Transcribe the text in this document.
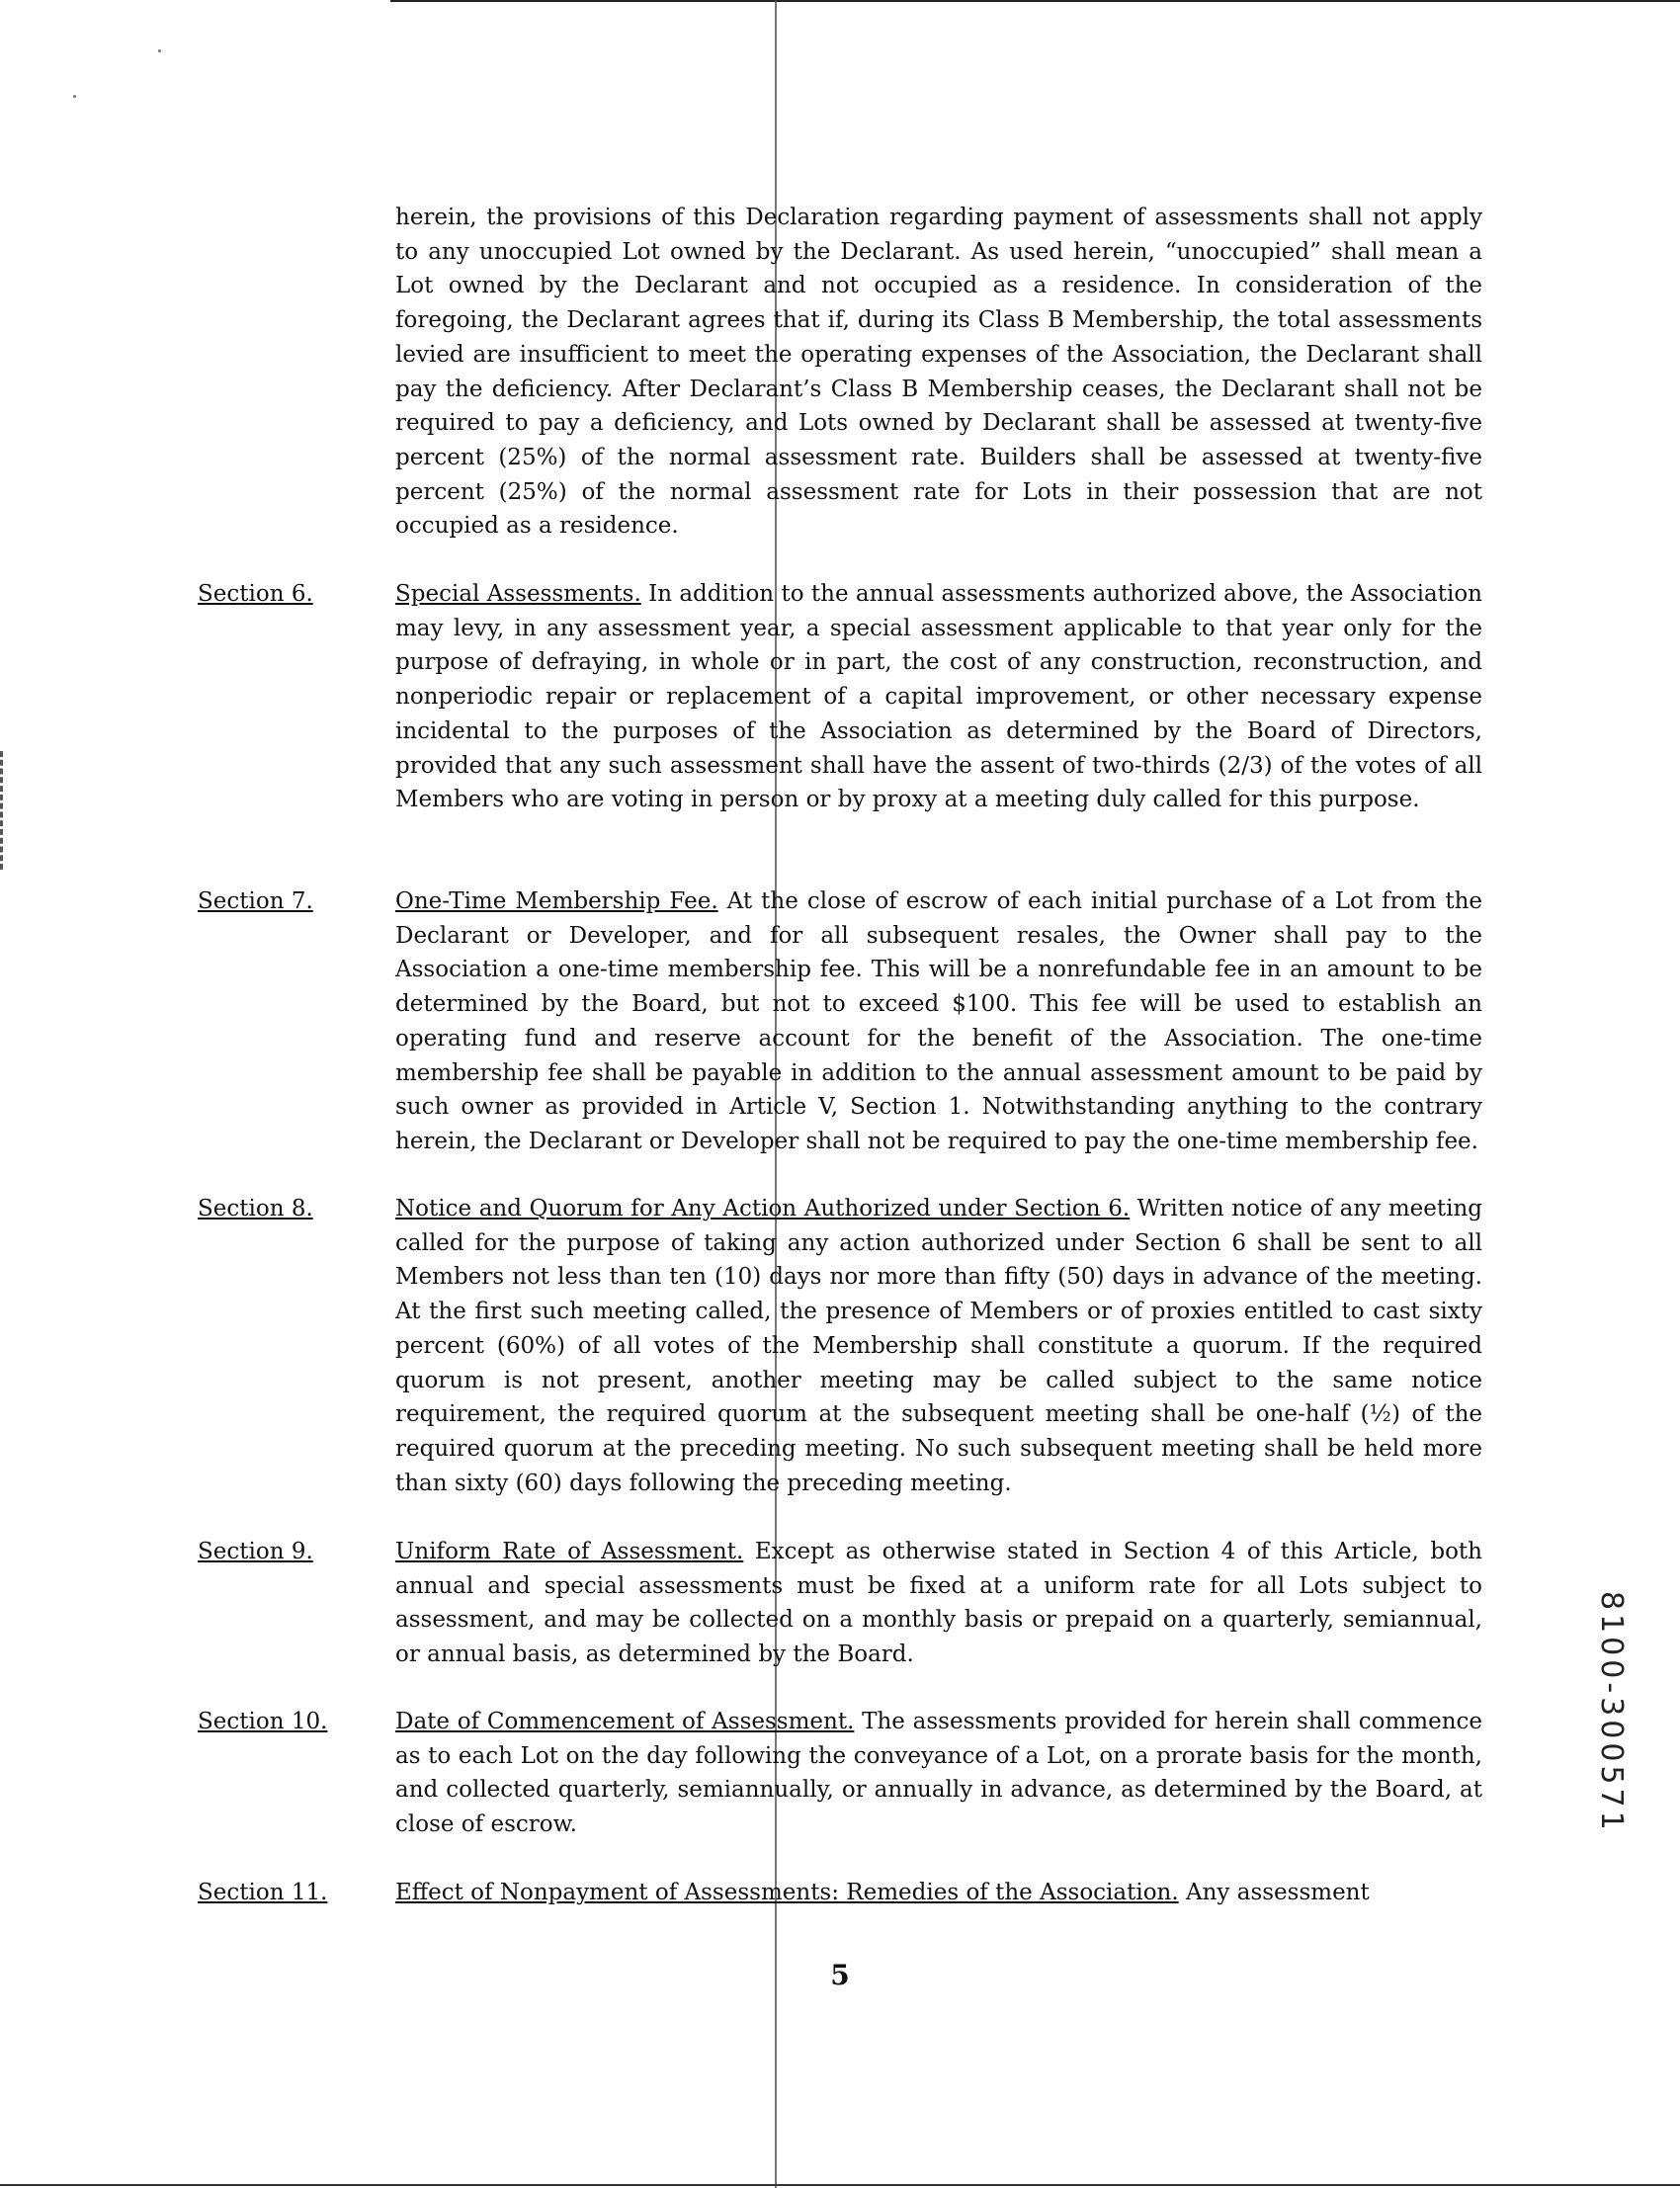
herein, the provisions of this Declaration regarding payment of assessments shall not apply to any unoccupied Lot owned by the Declarant. As used herein, “unoccupied” shall mean a Lot owned by the Declarant and not occupied as a residence. In consideration of the foregoing, the Declarant agrees that if, during its Class B Membership, the total assessments levied are insufficient to meet the operating expenses of the Association, the Declarant shall pay the deficiency. After Declarant’s Class B Membership ceases, the Declarant shall not be required to pay a deficiency, and Lots owned by Declarant shall be assessed at twenty-five percent (25%) of the normal assessment rate. Builders shall be assessed at twenty-five percent (25%) of the normal assessment rate for Lots in their possession that are not occupied as a residence.
Section 6.	Special Assessments. In addition to the annual assessments authorized above, the Association may levy, in any assessment year, a special assessment applicable to that year only for the purpose of defraying, in whole or in part, the cost of any construction, reconstruction, and nonperiodic repair or replacement of a capital improvement, or other necessary expense incidental to the purposes of the Association as determined by the Board of Directors, provided that any such assessment shall have the assent of two-thirds (2/3) of the votes of all Members who are voting in person or by proxy at a meeting duly called for this purpose.
Section 7.	One-Time Membership Fee. At the close of escrow of each initial purchase of a Lot from the Declarant or Developer, and for all subsequent resales, the Owner shall pay to the Association a one-time membership fee. This will be a nonrefundable fee in an amount to be determined by the Board, but not to exceed $100. This fee will be used to establish an operating fund and reserve account for the benefit of the Association. The one-time membership fee shall be payable in addition to the annual assessment amount to be paid by such owner as provided in Article V, Section 1. Notwithstanding anything to the contrary herein, the Declarant or Developer shall not be required to pay the one-time membership fee.
Section 8.	Notice and Quorum for Any Action Authorized under Section 6. Written notice of any meeting called for the purpose of taking any action authorized under Section 6 shall be sent to all Members not less than ten (10) days nor more than fifty (50) days in advance of the meeting. At the first such meeting called, the presence of Members or of proxies entitled to cast sixty percent (60%) of all votes of the Membership shall constitute a quorum. If the required quorum is not present, another meeting may be called subject to the same notice requirement, the required quorum at the subsequent meeting shall be one-half (½) of the required quorum at the preceding meeting. No such subsequent meeting shall be held more than sixty (60) days following the preceding meeting.
Section 9.	Uniform Rate of Assessment. Except as otherwise stated in Section 4 of this Article, both annual and special assessments must be fixed at a uniform rate for all Lots subject to assessment, and may be collected on a monthly basis or prepaid on a quarterly, semiannual, or annual basis, as determined by the Board.
Section 10.	Date of Commencement of Assessment. The assessments provided for herein shall commence as to each Lot on the day following the conveyance of a Lot, on a prorate basis for the month, and collected quarterly, semiannually, or annually in advance, as determined by the Board, at close of escrow.
Section 11.	Effect of Nonpayment of Assessments: Remedies of the Association. Any assessment
5
8100-300571
